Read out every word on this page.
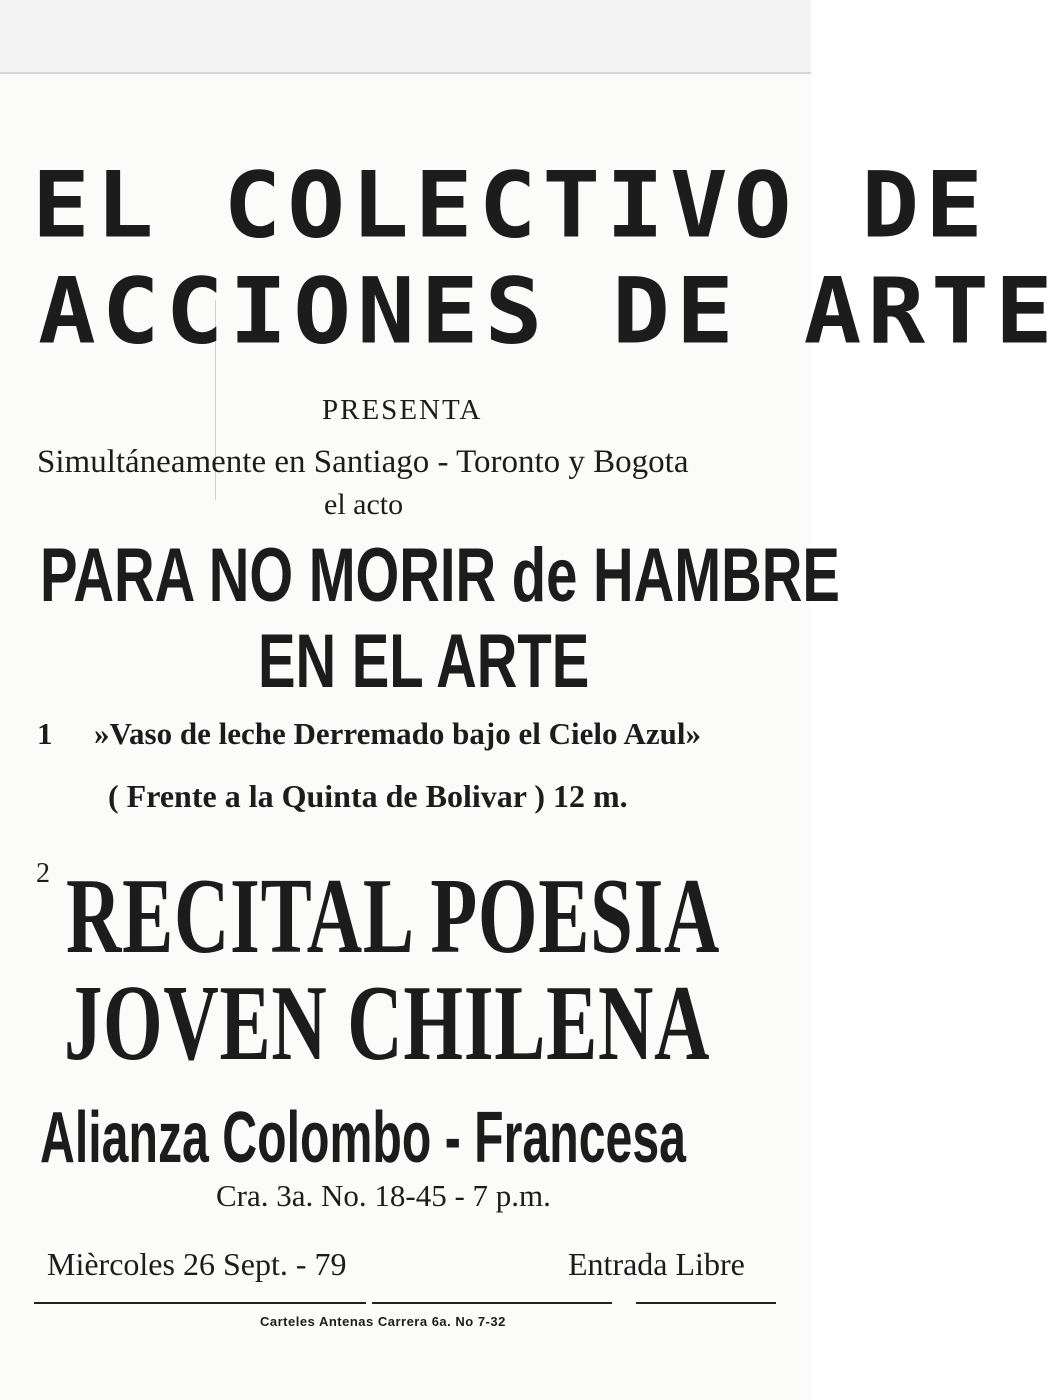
EL COLECTIVO DE
ACCIONES DE ARTE
PRESENTA
Simultáneamente en Santiago - Toronto y Bogota
el acto
PARA NO MORIR de HAMBRE
EN EL ARTE
1 »Vaso de leche Derremado bajo el Cielo Azul»
( Frente a la Quinta de Bolivar ) 12 m.
2 RECITAL POESIA
JOVEN CHILENA
Alianza Colombo - Francesa
Cra. 3a. No. 18-45 - 7 p.m.
Mièrcoles 26 Sept. - 79	Entrada Libre
Carteles Antenas Carrera 6a. No 7-32
